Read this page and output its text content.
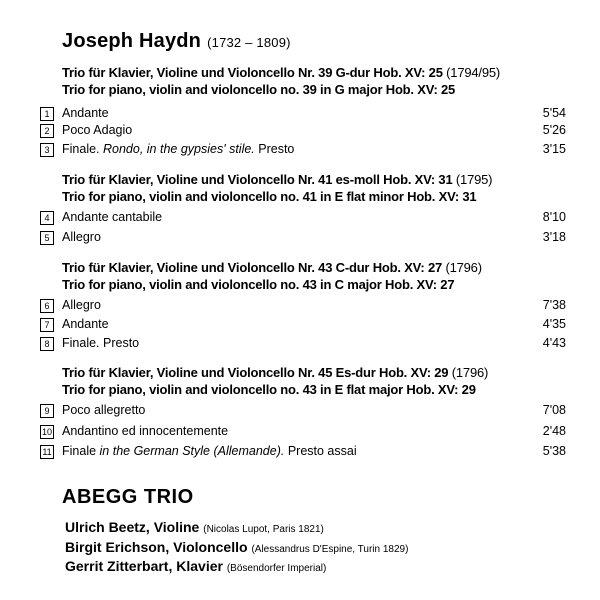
Joseph Haydn (1732 – 1809)
Trio für Klavier, Violine und Violoncello Nr. 39 G-dur Hob. XV: 25 (1794/95)
Trio for piano, violin and violoncello no. 39 in G major Hob. XV: 25
1	Andante	5'54
2	Poco Adagio	5'26
3	Finale. Rondo, in the gypsies' stile. Presto	3'15
Trio für Klavier, Violine und Violoncello Nr. 41 es-moll Hob. XV: 31 (1795)
Trio for piano, violin and violoncello no. 41 in E flat minor Hob. XV: 31
4	Andante cantabile	8'10
5	Allegro	3'18
Trio für Klavier, Violine und Violoncello Nr. 43 C-dur Hob. XV: 27 (1796)
Trio for piano, violin and violoncello no. 43 in C major Hob. XV: 27
6	Allegro	7'38
7	Andante	4'35
8	Finale. Presto	4'43
Trio für Klavier, Violine und Violoncello Nr. 45 Es-dur Hob. XV: 29 (1796)
Trio for piano, violin and violoncello no. 43 in E flat major Hob. XV: 29
9	Poco allegretto	7'08
10 Andantino ed innocentemente	2'48
11 Finale in the German Style (Allemande). Presto assai	5'38
ABEGG TRIO
Ulrich Beetz, Violine (Nicolas Lupot, Paris 1821)
Birgit Erichson, Violoncello (Alessandrus D'Espine, Turin 1829)
Gerrit Zitterbart, Klavier (Bösendorfer Imperial)
